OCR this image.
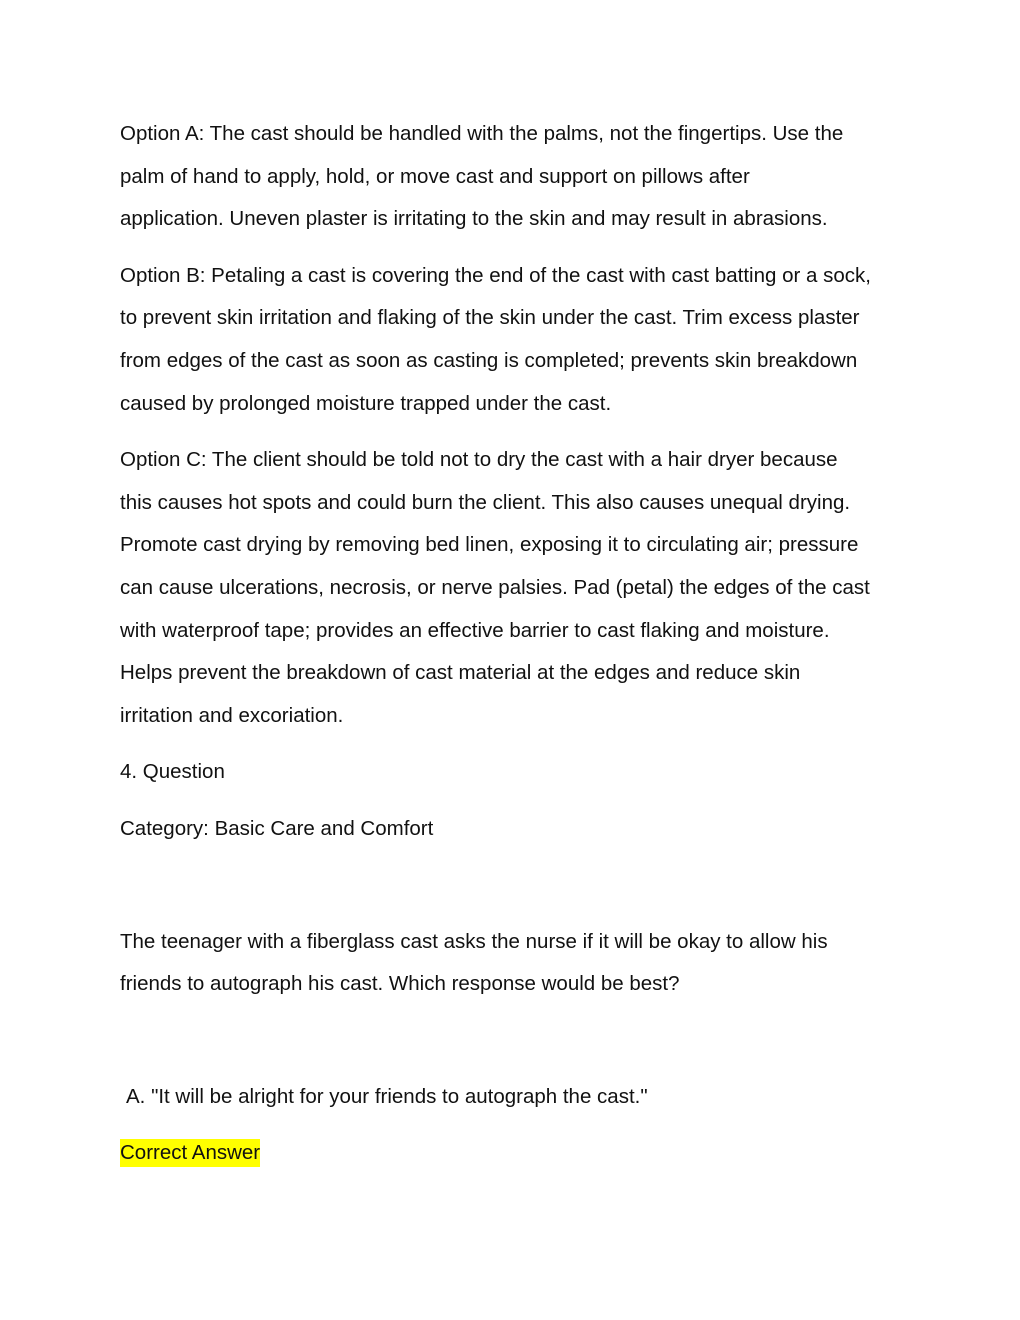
Option A: The cast should be handled with the palms, not the fingertips. Use the
palm of hand to apply, hold, or move cast and support on pillows after
application. Uneven plaster is irritating to the skin and may result in abrasions.
Option B: Petaling a cast is covering the end of the cast with cast batting or a sock,
to prevent skin irritation and flaking of the skin under the cast. Trim excess plaster
from edges of the cast as soon as casting is completed; prevents skin breakdown
caused by prolonged moisture trapped under the cast.
Option C: The client should be told not to dry the cast with a hair dryer because
this causes hot spots and could burn the client. This also causes unequal drying.
Promote cast drying by removing bed linen, exposing it to circulating air; pressure
can cause ulcerations, necrosis, or nerve palsies. Pad (petal) the edges of the cast
with waterproof tape; provides an effective barrier to cast flaking and moisture.
Helps prevent the breakdown of cast material at the edges and reduce skin
irritation and excoriation.
4. Question
Category: Basic Care and Comfort
The teenager with a fiberglass cast asks the nurse if it will be okay to allow his
friends to autograph his cast. Which response would be best?
A. "It will be alright for your friends to autograph the cast."
Correct Answer
